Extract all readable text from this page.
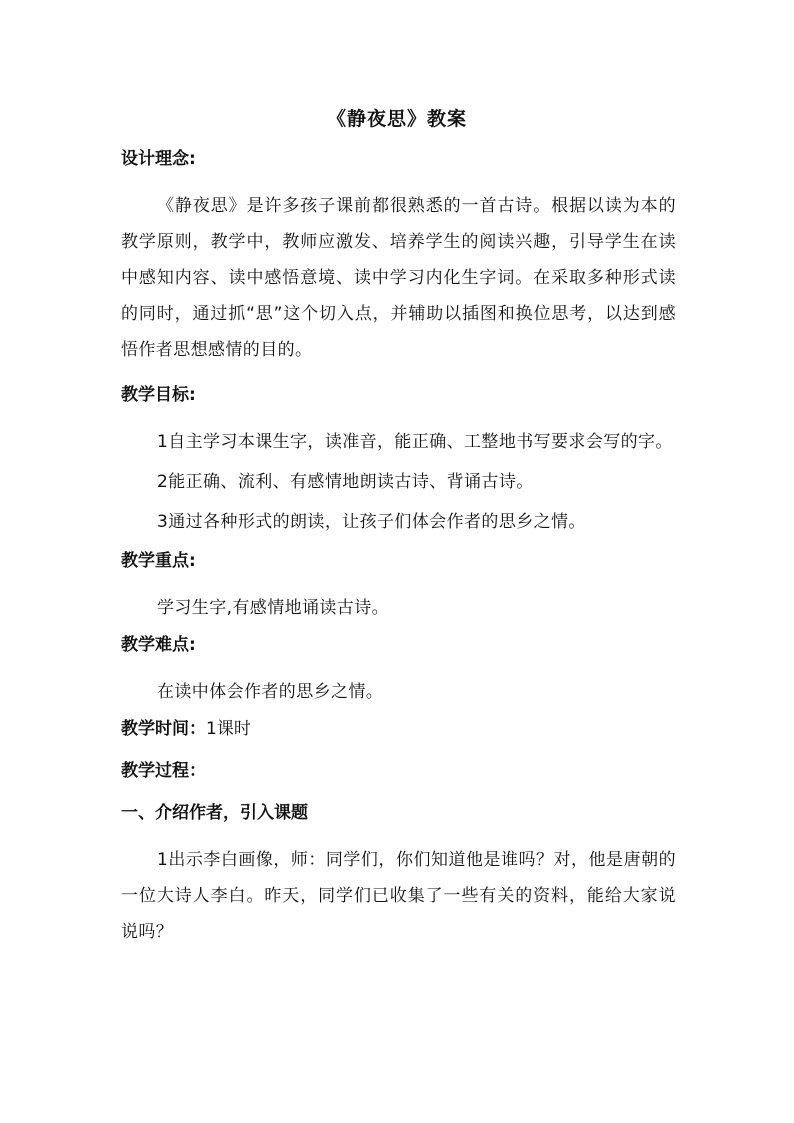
《静夜思》教案
设计理念:

《静夜思》是许多孩子课前都很熟悉的一首古诗。根据以读为本的教学原则，教学中，教师应激发、培养学生的阅读兴趣，引导学生在读中感知内容、读中感悟意境、读中学习内化生字词。在采取多种形式读的同时，通过抓“思”这个切入点，并辅助以插图和换位思考，以达到感悟作者思想感情的目的。

教学目标:

1自主学习本课生字，读准音，能正确、工整地书写要求会写的字。

2能正确、流利、有感情地朗读古诗、背诵古诗。

3通过各种形式的朗读，让孩子们体会作者的思乡之情。

教学重点:

学习生字,有感情地诵读古诗。

教学难点:

在读中体会作者的思乡之情。

教学时间：1课时
教学过程：
一、介绍作者，引入课题

1出示李白画像，师：同学们，你们知道他是谁吗？对，他是唐朝的一位大诗人李白。昨天，同学们已收集了一些有关的资料，能给大家说说吗？
